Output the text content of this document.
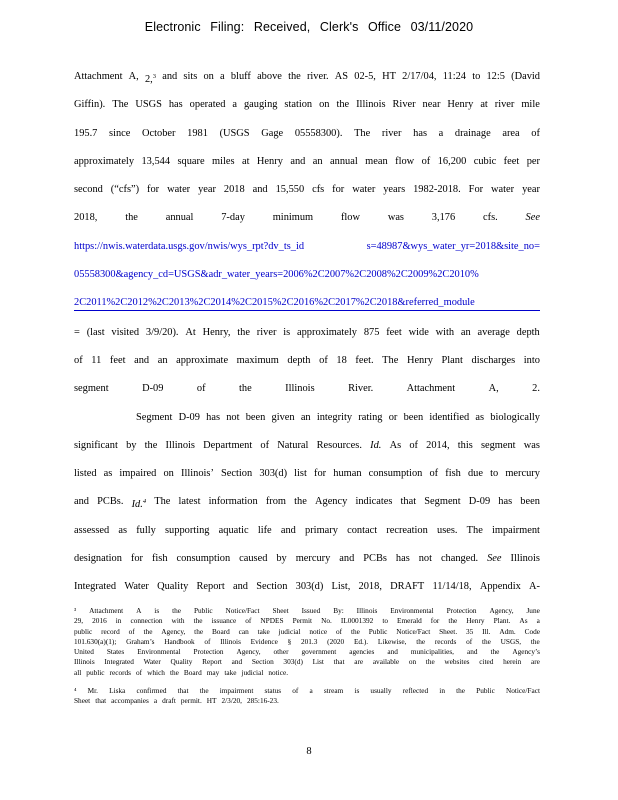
Electronic Filing: Received, Clerk's Office 03/11/2020
Attachment A, 2,$^3$ and sits on a bluff above the river. AS 02-5, HT 2/17/04, 11:24 to 12:5 (David
Giffin). The USGS has operated a gauging station on the Illinois River near Henry at river mile
195.7 since October 1981 (USGS Gage 05558300). The river has a drainage area of
approximately 13,544 square miles at Henry and an annual mean flow of 16,200 cubic feet per
second (“cfs”) for water year 2018 and 15,550 cfs for water years 1982-2018. For water year
2018,	the	annual	7-day	minimum	flow	was	3,176	cfs.	See
https://nwis.waterdata.usgs.gov/nwis/wys_rpt?dv_ts_id	s=48987&wys_water_yr=2018&site_no=
05558300&agency_cd=USGS&adr_water_years=2006%2C2007%2C2008%2C2009%2C2010%
2C2011%2C2012%2C2013%2C2014%2C2015%2C2016%2C2017%2C2018&referred_module
= (last visited 3/9/20). At Henry, the river is approximately 875 feet wide with an average depth
of 11 feet and an approximate maximum depth of 18 feet. The Henry Plant discharges into
segment	D-09	of	the	Illinois	River.	Attachment	A,	2.
Segment D-09 has not been given an integrity rating or been identified as biologically
significant by the Illinois Department of Natural Resources. Id. As of 2014, this segment was
listed as impaired on Illinois’ Section 303(d) list for human consumption of fish due to mercury
and PCBs. Id.$^4$ The latest information from the Agency indicates that Segment D-09 has been
assessed as fully supporting aquatic life and primary contact recreation uses. The impairment
designation for fish consumption caused by mercury and PCBs has not changed. See Illinois
Integrated Water Quality Report and Section 303(d) List, 2018, DRAFT 11/14/18, Appendix A-
³ Attachment A is the Public Notice/Fact Sheet Issued By: Illinois Environmental Protection Agency, June
29, 2016 in connection with the issuance of NPDES Permit No. IL0001392 to Emerald for the Henry Plant. As a
public record of the Agency, the Board can take judicial notice of the Public Notice/Fact Sheet. 35 Ill. Adm. Code
101.630(a)(1); Graham’s Handbook of Illinois Evidence § 201.3 (2020 Ed.). Likewise, the records of the USGS, the
United States Environmental Protection Agency, other government agencies and municipalities, and the Agency’s
Illinois Integrated Water Quality Report and Section 303(d) List that are available on the websites cited herein are
all public records of which the Board may take judicial notice.
⁴ Mr. Liska confirmed that the impairment status of a stream is usually reflected in the Public Notice/Fact
Sheet that accompanies a draft permit. HT 2/3/20, 285:16-23.
8
